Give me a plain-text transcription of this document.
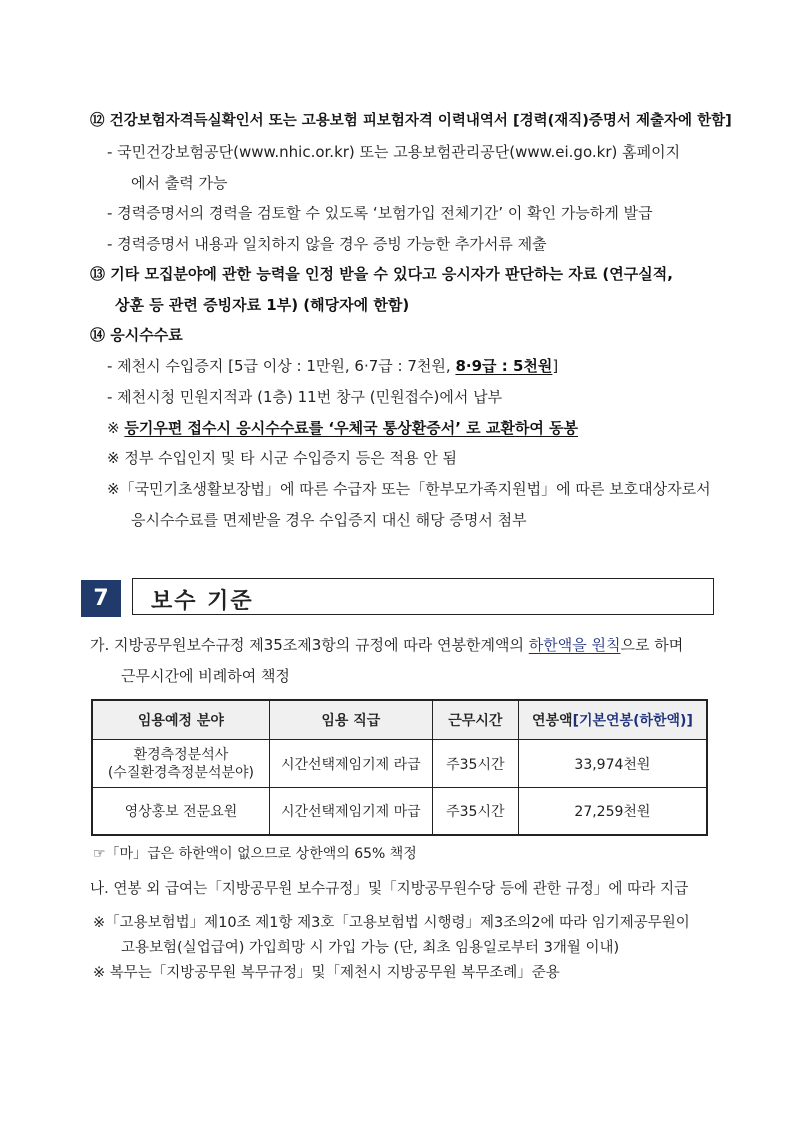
⑫ 건강보험자격득실확인서 또는 고용보험 피보험자격 이력내역서 [경력(재직)증명서 제출자에 한함]
- 국민건강보험공단(www.nhic.or.kr) 또는 고용보험관리공단(www.ei.go.kr) 홈페이지
에서 출력 가능
- 경력증명서의 경력을 검토할 수 있도록 ‘보험가입 전체기간’ 이 확인 가능하게 발급
- 경력증명서 내용과 일치하지 않을 경우 증빙 가능한 추가서류 제출
⑬ 기타 모집분야에 관한 능력을 인정 받을 수 있다고 응시자가 판단하는 자료 (연구실적,
상훈 등 관련 증빙자료 1부) (해당자에 한함)
⑭ 응시수수료
- 제천시 수입증지 [5급 이상 : 1만원, 6·7급 : 7천원, 8·9급 : 5천원]
- 제천시청 민원지적과 (1층) 11번 창구 (민원접수)에서 납부
※ 등기우편 접수시 응시수수료를 ‘우체국 통상환증서’ 로 교환하여 동봉
※ 정부 수입인지 및 타 시군 수입증지 등은 적용 안 됨
※「국민기초생활보장법」에 따른 수급자 또는「한부모가족지원법」에 따른 보호대상자로서
응시수수료를 면제받을 경우 수입증지 대신 해당 증명서 첨부
7	보수 기준
가. 지방공무원보수규정 제35조제3항의 규정에 따라 연봉한계액의 하한액을 원칙으로 하며
근무시간에 비례하여 책정
임용예정 분야	임용 직급	근무시간	연봉액[기본연봉(하한액)]

환경측정분석사
(수질환경측정분석분야)	시간선택제임기제 라급	주35시간	33,974천원
영상홍보 전문요원	시간선택제임기제 마급	주35시간	27,259천원
☞「마」급은 하한액이 없으므로 상한액의 65% 책정
나. 연봉 외 급여는「지방공무원 보수규정」및「지방공무원수당 등에 관한 규정」에 따라 지급
※「고용보험법」제10조 제1항 제3호「고용보험법 시행령」제3조의2에 따라 임기제공무원이
고용보험(실업급여) 가입희망 시 가입 가능 (단, 최초 임용일로부터 3개월 이내)
※ 복무는「지방공무원 복무규정」및「제천시 지방공무원 복무조례」준용
